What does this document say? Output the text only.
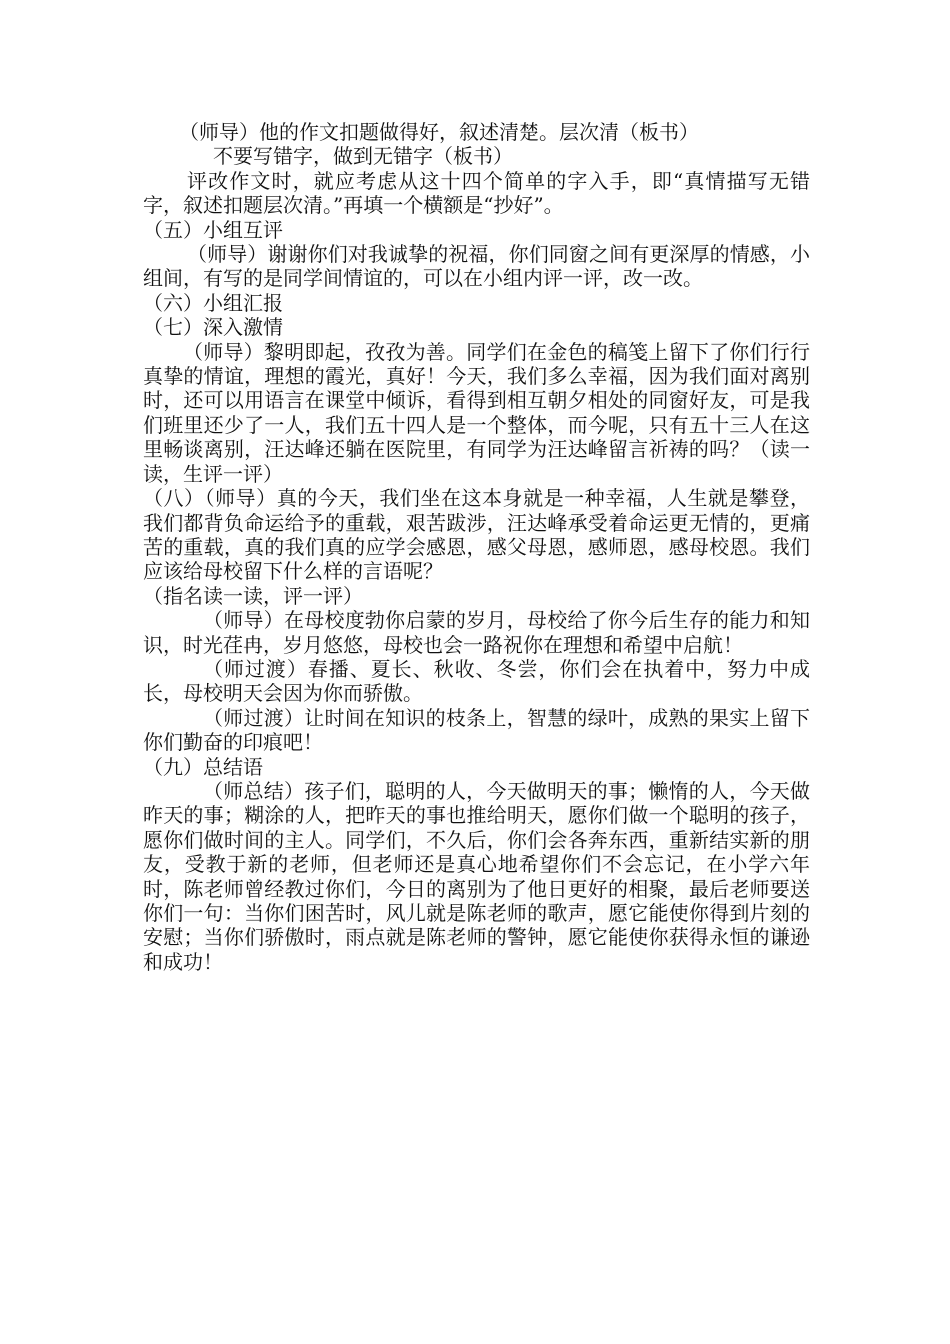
（师导）他的作文扣题做得好，叙述清楚。层次清（板书）

不要写错字，做到无错字（板书）

评改作文时，就应考虑从这十四个简单的字入手，即“真情描写无错字，叙述扣题层次清。”再填一个横额是“抄好”。

（五）小组互评

（师导）谢谢你们对我诚挚的祝福，你们同窗之间有更深厚的情感，小组间，有写的是同学间情谊的，可以在小组内评一评，改一改。

（六）小组汇报

（七）深入激情

（师导）黎明即起，孜孜为善。同学们在金色的稿笺上留下了你们行行真挚的情谊，理想的霞光，真好！今天，我们多么幸福，因为我们面对离别时，还可以用语言在课堂中倾诉，看得到相互朝夕相处的同窗好友，可是我们班里还少了一人，我们五十四人是一个整体，而今呢，只有五十三人在这里畅谈离别，汪达峰还躺在医院里，有同学为汪达峰留言祈祷的吗？（读一读，生评一评）

（八）（师导）真的今天，我们坐在这本身就是一种幸福，人生就是攀登，我们都背负命运给予的重载，艰苦跋涉，汪达峰承受着命运更无情的，更痛苦的重载，真的我们真的应学会感恩，感父母恩，感师恩，感母校恩。我们应该给母校留下什么样的言语呢？

（指名读一读，评一评）

（师导）在母校度勃你启蒙的岁月，母校给了你今后生存的能力和知识，时光荏冉，岁月悠悠，母校也会一路祝你在理想和希望中启航！

（师过渡）春播、夏长、秋收、冬尝，你们会在执着中，努力中成长，母校明天会因为你而骄傲。

（师过渡）让时间在知识的枝条上，智慧的绿叶，成熟的果实上留下你们勤奋的印痕吧！

（九）总结语

（师总结）孩子们，聪明的人，今天做明天的事；懒惰的人，今天做昨天的事；糊涂的人，把昨天的事也推给明天，愿你们做一个聪明的孩子，愿你们做时间的主人。同学们，不久后，你们会各奔东西，重新结实新的朋友，受教于新的老师，但老师还是真心地希望你们不会忘记，在小学六年时，陈老师曾经教过你们，今日的离别为了他日更好的相聚，最后老师要送你们一句：当你们困苦时，风儿就是陈老师的歌声，愿它能使你得到片刻的安慰；当你们骄傲时，雨点就是陈老师的警钟，愿它能使你获得永恒的谦逊和成功！
